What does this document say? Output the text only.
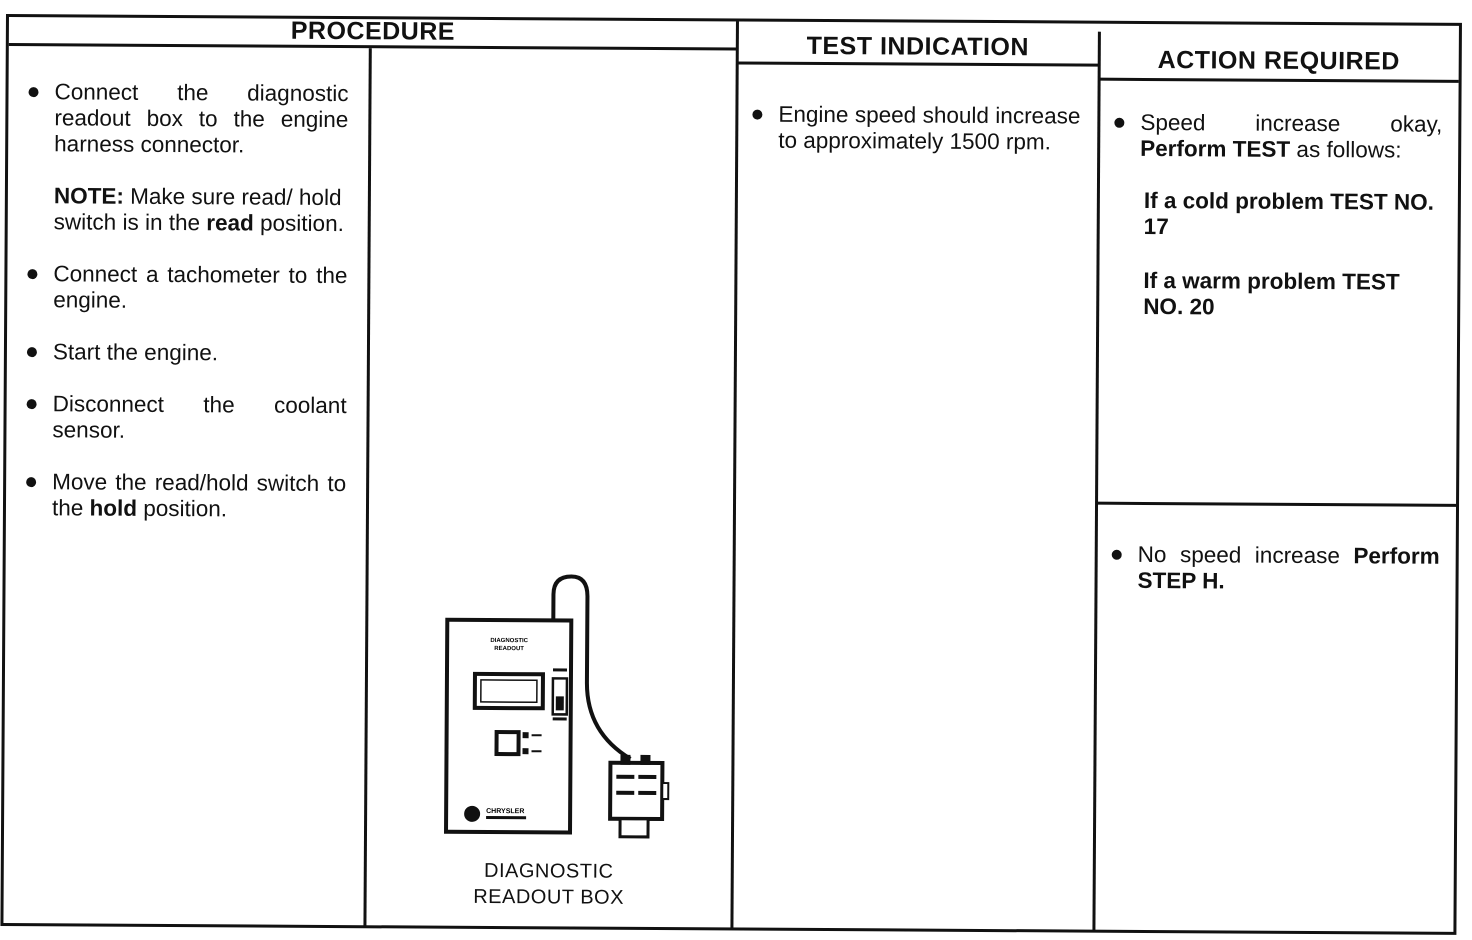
PROCEDURE
TEST INDICATION	ACTION REQUIRED
Connect the diagnostic readout box to the engine harness connector.
NOTE: Make sure read/ hold switch is in the read position.
Connect a tachometer to the engine.
Start the engine.
Disconnect the coolant sensor.
Move the read/hold switch to the hold position.
DIAGNOSTIC
READOUT
CHRYSLER
DIAGNOSTIC
READOUT BOX
Engine speed should increase to approximately 1500 rpm.
Speed increase okay, Perform TEST as follows:
If a cold problem TEST NO. 17
If a warm problem TEST NO. 20
No speed increase Perform STEP H.
